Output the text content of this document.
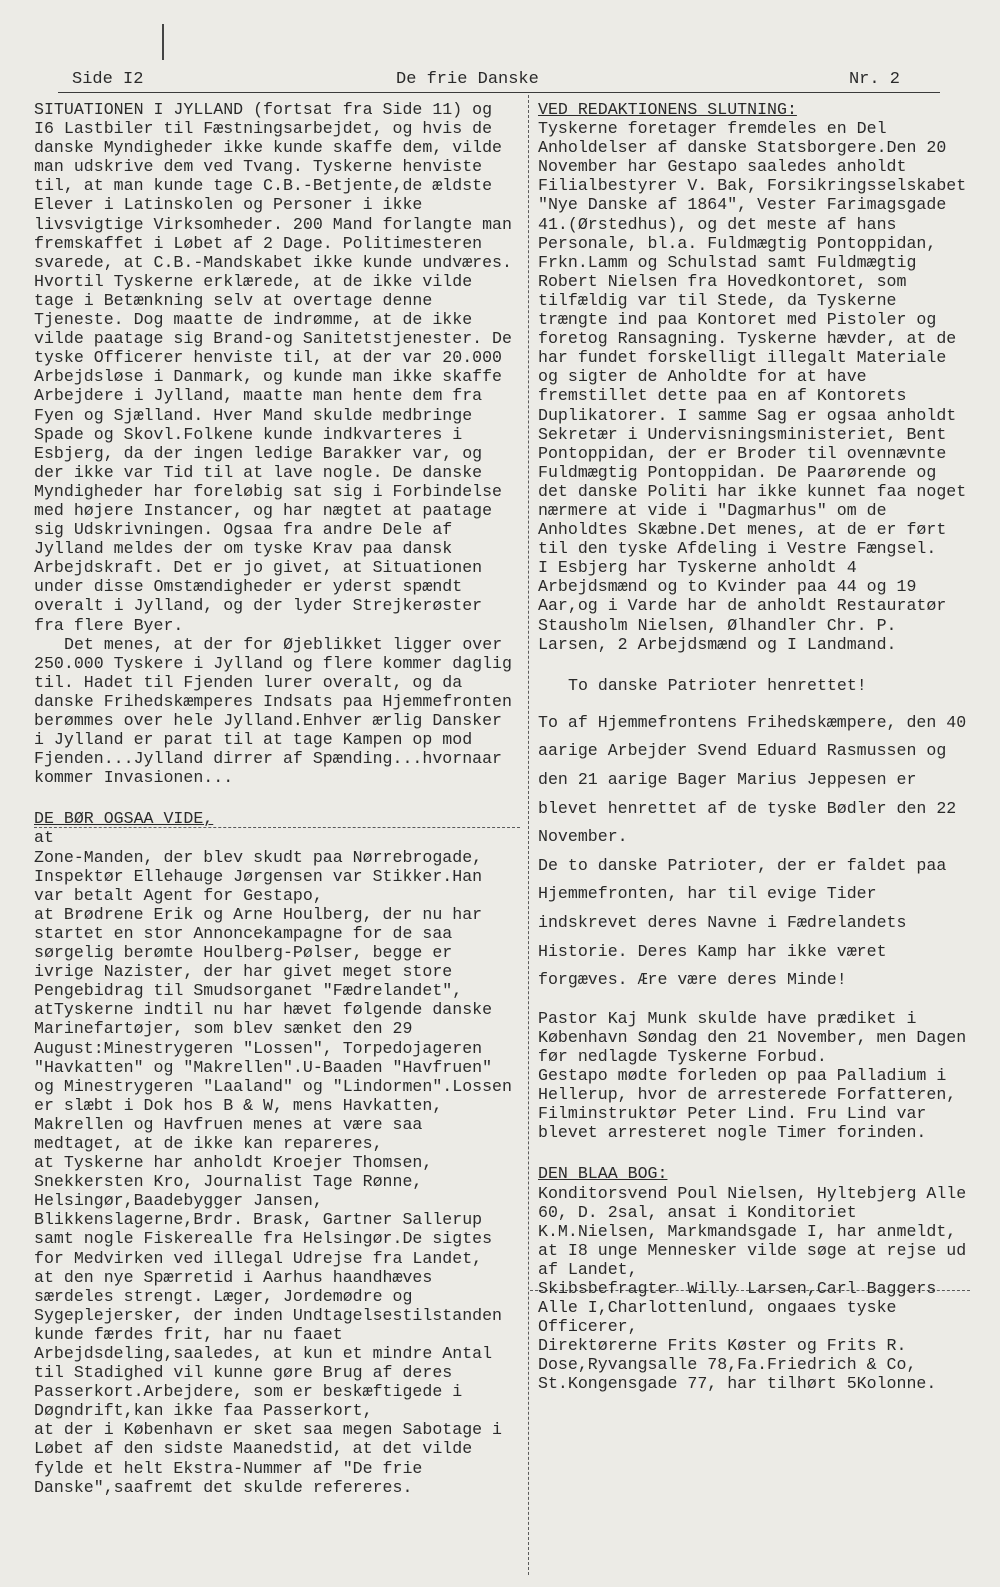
Side I2	De frie Danske	Nr. 2

SITUATIONEN I JYLLAND (fortsat fra Side 11) og I6 Lastbiler til Fæstningsarbejdet, og hvis de danske Myndigheder ikke kunde skaffe dem, vilde man udskrive dem ved Tvang. Tyskerne henviste til, at man kunde tage C.B.-Betjente,de ældste Elever i Latinskolen og Personer i ikke livsvigtige Virksomheder. 200 Mand forlangte man fremskaffet i Løbet af 2 Dage. Politimesteren svarede, at C.B.-Mandskabet ikke kunde undværes. Hvortil Tyskerne erklærede, at de ikke vilde tage i Betænkning selv at overtage denne Tjeneste. Dog maatte de indrømme, at de ikke vilde paatage sig Brand-og Sanitetstjenester. De tyske Officerer henviste til, at der var 20.000 Arbejdsløse i Danmark, og kunde man ikke skaffe Arbejdere i Jylland, maatte man hente dem fra Fyen og Sjælland. Hver Mand skulde medbringe Spade og Skovl.Folkene kunde indkvarteres i Esbjerg, da der ingen ledige Barakker var, og der ikke var Tid til at lave nogle. De danske Myndigheder har foreløbig sat sig i Forbindelse med højere Instancer, og har nægtet at paatage sig Udskrivningen. Ogsaa fra andre Dele af Jylland meldes der om tyske Krav paa dansk Arbejdskraft. Det er jo givet, at Situationen under disse Omstændigheder er yderst spændt overalt i Jylland, og der lyder Strejkerøster fra flere Byer.

Det menes, at der for Øjeblikket ligger over 250.000 Tyskere i Jylland og flere kommer daglig til. Hadet til Fjenden lurer overalt, og da danske Frihedskæmperes Indsats paa Hjemmefronten berømmes over hele Jylland.Enhver ærlig Dansker i Jylland er parat til at tage Kampen op mod Fjenden...Jylland dirrer af Spænding...hvornaar kommer Invasionen...

DE BØR OGSAA VIDE,

at
Zone-Manden, der blev skudt paa Nørrebrogade, Inspektør Ellehauge Jørgensen var Stikker.Han var betalt Agent for Gestapo,

at Brødrene Erik og Arne Houlberg, der nu har startet en stor Annoncekampagne for de saa sørgelig berømte Houlberg-Pølser, begge er ivrige Nazister, der har givet meget store Pengebidrag til Smudsorganet "Fædrelandet",

atTyskerne indtil nu har hævet følgende danske Marinefartøjer, som blev sænket den 29 August:Minestrygeren "Lossen", Torpedojageren "Havkatten" og "Makrellen".U-Baaden "Havfruen" og Minestrygeren "Laaland" og "Lindormen".Lossen er slæbt i Dok hos B & W, mens Havkatten, Makrellen og Havfruen menes at være saa medtaget, at de ikke kan repareres,

at Tyskerne har anholdt Kroejer Thomsen, Snekkersten Kro, Journalist Tage Rønne, Helsingør,Baadebygger Jansen, Blikkenslagerne,Brdr. Brask, Gartner Sallerup samt nogle Fiskerealle fra Helsingør.De sigtes for Medvirken ved illegal Udrejse fra Landet,

at den nye Spærretid i Aarhus haandhæves særdeles strengt. Læger, Jordemødre og Sygeplejersker, der inden Undtagelsestilstanden kunde færdes frit, har nu faaet Arbejdsdeling,saaledes, at kun et mindre Antal til Stadighed vil kunne gøre Brug af deres Passerkort.Arbejdere, som er beskæftigede i Døgndrift,kan ikke faa Passerkort,

at der i København er sket saa megen Sabotage i Løbet af den sidste Maanedstid, at det vilde fylde et helt Ekstra-Nummer af "De frie Danske",saafremt det skulde refereres.

VED REDAKTIONENS SLUTNING:

Tyskerne foretager fremdeles en Del Anholdelser af danske Statsborgere.Den 20 November har Gestapo saaledes anholdt Filialbestyrer V. Bak, Forsikringsselskabet "Nye Danske af 1864", Vester Farimagsgade 41.(Ørstedhus), og det meste af hans Personale, bl.a. Fuldmægtig Pontoppidan, Frkn.Lamm og Schulstad samt Fuldmægtig Robert Nielsen fra Hovedkontoret, som tilfældig var til Stede, da Tyskerne trængte ind paa Kontoret med Pistoler og foretog Ransagning. Tyskerne hævder, at de har fundet forskelligt illegalt Materiale og sigter de Anholdte for at have fremstillet dette paa en af Kontorets Duplikatorer. I samme Sag er ogsaa anholdt Sekretær i Undervisningsministeriet, Bent Pontoppidan, der er Broder til ovennævnte Fuldmægtig Pontoppidan. De Paarørende og det danske Politi har ikke kunnet faa noget nærmere at vide i "Dagmarhus" om de Anholdtes Skæbne.Det menes, at de er ført til den tyske Afdeling i Vestre Fængsel.

I Esbjerg har Tyskerne anholdt 4 Arbejdsmænd og to Kvinder paa 44 og 19 Aar,og i Varde har de anholdt Restauratør Stausholm Nielsen, Ølhandler Chr. P. Larsen, 2 Arbejdsmænd og I Landmand.

To danske Patrioter henrettet!

To af Hjemmefrontens Frihedskæmpere, den 40 aarige Arbejder Svend Eduard Rasmussen og den 21 aarige Bager Marius Jeppesen er blevet henrettet af de tyske Bødler den 22 November.

De to danske Patrioter, der er faldet paa Hjemmefronten, har til evige Tider indskrevet deres Navne i Fædrelandets Historie. Deres Kamp har ikke været forgæves. Ære være deres Minde!

Pastor Kaj Munk skulde have prædiket i København Søndag den 21 November, men Dagen før nedlagde Tyskerne Forbud.

Gestapo mødte forleden op paa Palladium i Hellerup, hvor de arresterede Forfatteren, Filminstruktør Peter Lind. Fru Lind var blevet arresteret nogle Timer forinden.

DEN BLAA BOG:

Konditorsvend Poul Nielsen, Hyltebjerg Alle 60, D. 2sal, ansat i Konditoriet K.M.Nielsen, Markmandsgade I, har anmeldt, at I8 unge Mennesker vilde søge at rejse ud af Landet,

Skibsbefragter Willy Larsen,Carl Baggers Alle I,Charlottenlund, ongaaes tyske Officerer,

Direktørerne Frits Køster og Frits R. Dose,Ryvangsalle 78,Fa.Friedrich & Co, St.Kongensgade 77, har tilhørt 5Kolonne.
